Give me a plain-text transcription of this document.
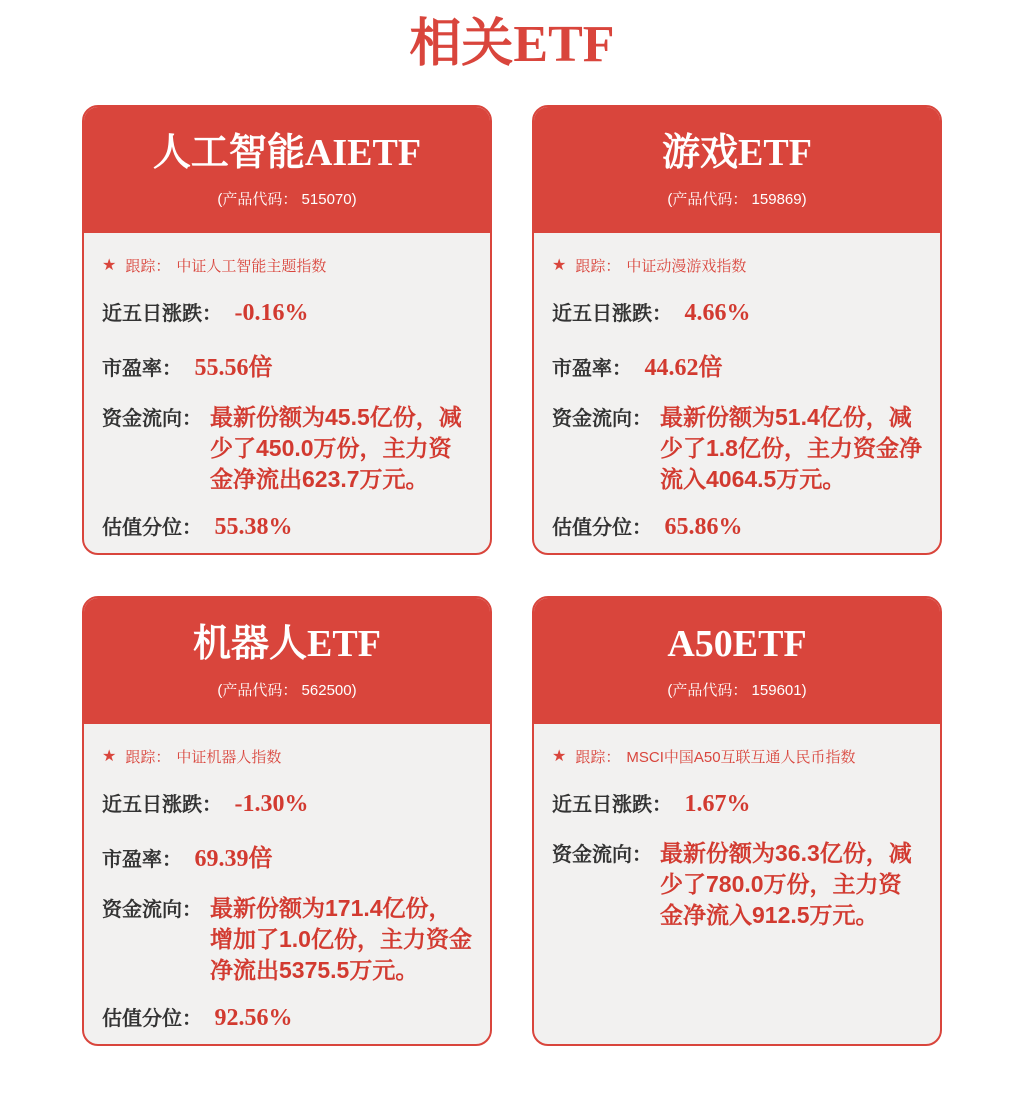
相关ETF
人工智能AIETF
(产品代码： 515070)
★ 跟踪： 中证人工智能主题指数
近五日涨跌： -0.16%
市盈率： 55.56倍
资金流向： 最新份额为45.5亿份，减少了450.0万份，主力资金净流出623.7万元。

估值分位： 55.38%
游戏ETF
(产品代码： 159869)
★ 跟踪： 中证动漫游戏指数
近五日涨跌： 4.66%
市盈率： 44.62倍
资金流向： 最新份额为51.4亿份，减少了1.8亿份，主力资金净流入4064.5万元。

估值分位： 65.86%
机器人ETF
(产品代码： 562500)
★ 跟踪： 中证机器人指数
近五日涨跌： -1.30%
市盈率： 69.39倍
资金流向： 最新份额为171.4亿份，增加了1.0亿份，主力资金净流出5375.5万元。

估值分位： 92.56%
A50ETF
(产品代码： 159601)
★ 跟踪： MSCI中国A50互联互通人民币指数
近五日涨跌： 1.67%
资金流向： 最新份额为36.3亿份，减少了780.0万份，主力资金净流入912.5万元。
